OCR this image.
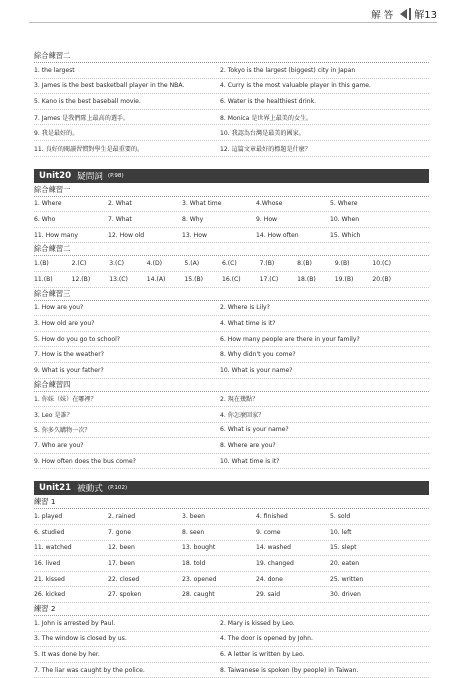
解答 解13
綜合練習二
1. the largest	2. Tokyo is the largest (biggest) city in Japan
3. James is the best basketball player in the NBA.	4. Curry is the most valuable player in this game.
5. Kano is the best baseball movie.	6. Water is the healthiest drink.
7. James 是我們隊上最高的選手。	8. Monica 是世界上最美的女生。
9. 我是最好的。	10. 我認為台灣是最美的國家。
11. 良好的閱讀習慣對學生是最重要的。	12. 這篇文章最好的標題是什麼？
Unit20 疑問詞 (P.98)
綜合練習一
1. Where	2. What	3. What time	4.Whose	5. Where
6. Who	7. What	8. Why	9. How	10. When
11. How many	12. How old	13. How	14. How often	15. Which
綜合練習二
1.(B)	2.(C)	3.(C)	4.(D)	5.(A)	6.(C)	7.(B)	8.(B)	9.(B)	10.(C)
11.(B)	12.(B)	13.(C)	14.(A)	15.(B)	16.(C)	17.(C)	18.(B)	19.(B)	20.(B)
綜合練習三
1. How are you?	2. Where is Lily?
3. How old are you?	4. What time is it?
5. How do you go to school?	6. How many people are there in your family?
7. How is the weather?	8. Why didn't you come?
9. What is your father?	10. What is your name?
綜合練習四
1. 你妹（妹）在哪裡？	2. 現在幾點？
3. Leo 是誰？	4. 你怎麼回家？
5. 你多久購物一次？	6. What is your name?
7. Who are you?	8. Where are you?
9. How often does the bus come?	10. What time is it?
Unit21 被動式 (P.102)
練習 1
1. played	2. rained	3. been	4. finished	5. sold
6. studied	7. gone	8. seen	9. come	10. left
11. watched	12. been	13. bought	14. washed	15. slept
16. lived	17. been	18. told	19. changed	20. eaten
21. kissed	22. closed	23. opened	24. done	25. written
26. kicked	27. spoken	28. caught	29. said	30. driven
練習 2
1. John is arrested by Paul.	2. Mary is kissed by Leo.
3. The window is closed by us.	4. The door is opened by John.
5. It was done by her.	6. A letter is written by Leo.
7. The liar was caught by the police.	8. Taiwanese is spoken (by people) in Taiwan.
